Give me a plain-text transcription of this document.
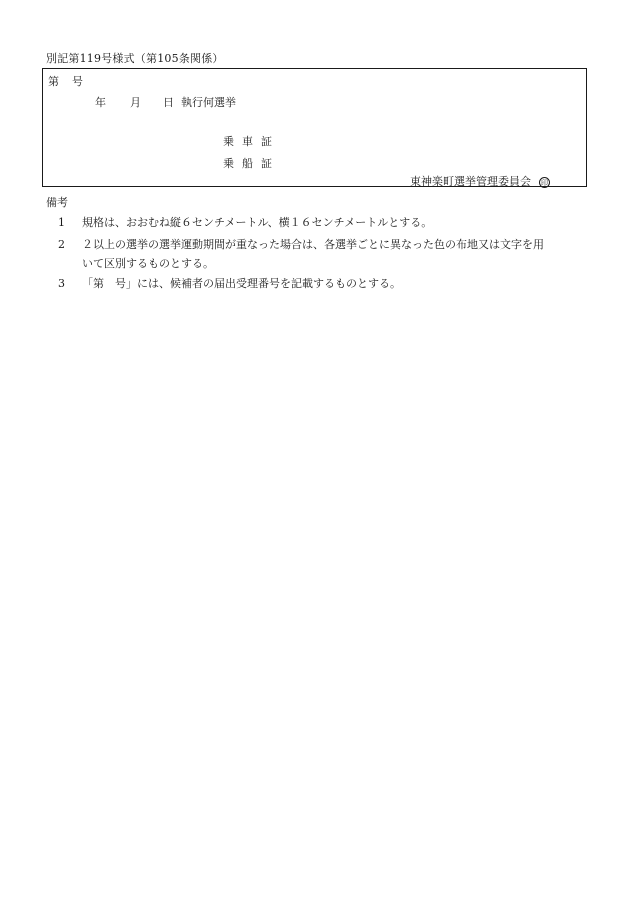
別記第119号様式（第105条関係）
第 号
年 月 日 執行何選挙
乗車証
乗船証
東神楽町選挙管理委員会 印
備考
1 規格は、おおむね縦６センチメートル、横１６センチメートルとする。
2 ２以上の選挙の選挙運動期間が重なった場合は、各選挙ごとに異なった色の布地又は文字を用
いて区別するものとする。
3 「第　号」には、候補者の届出受理番号を記載するものとする。
